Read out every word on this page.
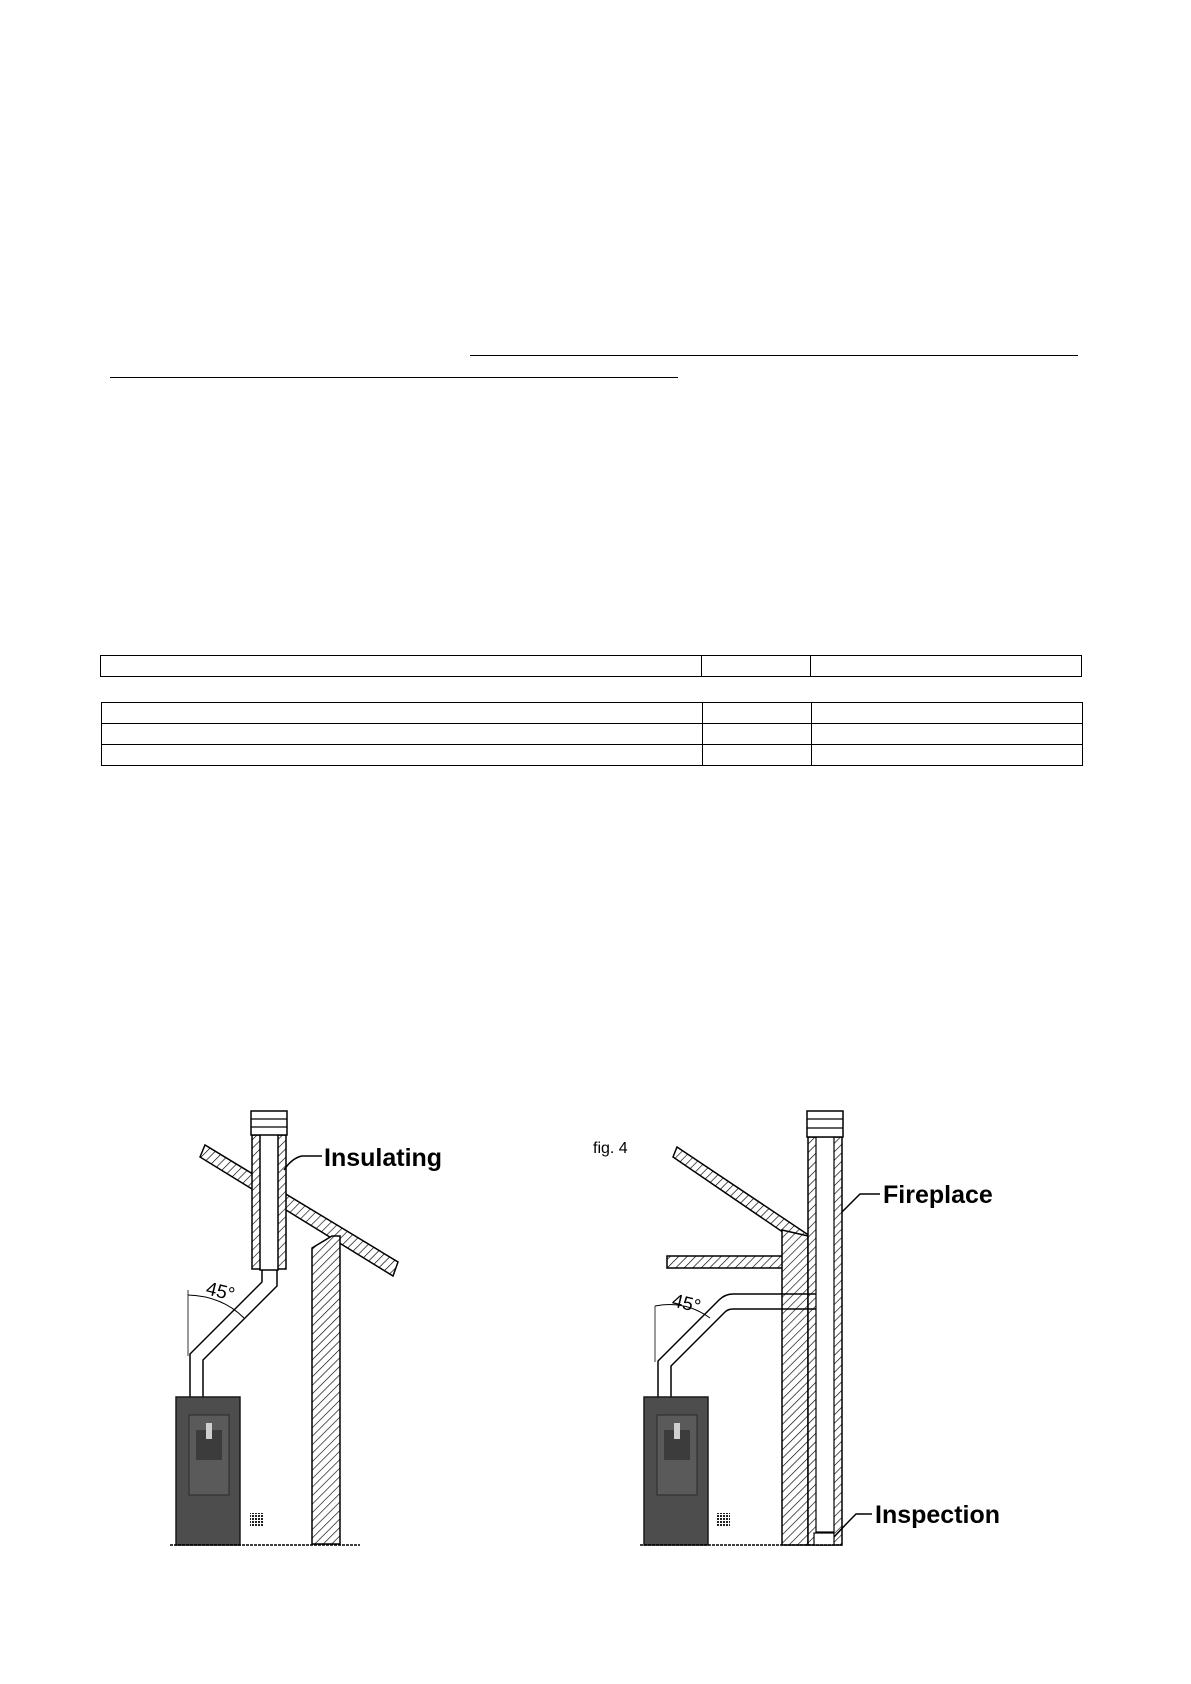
45°
Insulating	fig. 4
45°
Fireplace
Inspection
